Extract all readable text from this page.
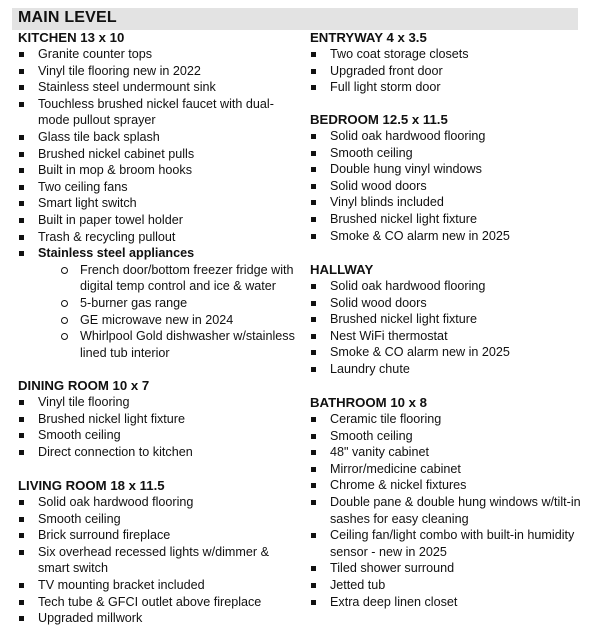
MAIN LEVEL
KITCHEN 13 x 10
Granite counter tops
Vinyl tile flooring new in 2022
Stainless steel undermount sink
Touchless brushed nickel faucet with dual-mode pullout sprayer
Glass tile back splash
Brushed nickel cabinet pulls
Built in mop & broom hooks
Two ceiling fans
Smart light switch
Built in paper towel holder
Trash & recycling pullout
Stainless steel appliances
French door/bottom freezer fridge with digital temp control and ice & water
5-burner gas range
GE microwave new in 2024
Whirlpool Gold dishwasher w/stainless lined tub interior
DINING ROOM 10 x 7
Vinyl tile flooring
Brushed nickel light fixture
Smooth ceiling
Direct connection to kitchen
LIVING ROOM 18 x 11.5
Solid oak hardwood flooring
Smooth ceiling
Brick surround fireplace
Six overhead recessed lights w/dimmer & smart switch
TV mounting bracket included
Tech tube & GFCI outlet above fireplace
Upgraded millwork
ENTRYWAY 4 x 3.5
Two coat storage closets
Upgraded front door
Full light storm door
BEDROOM 12.5 x 11.5
Solid oak hardwood flooring
Smooth ceiling
Double hung vinyl windows
Solid wood doors
Vinyl blinds included
Brushed nickel light fixture
Smoke & CO alarm new in 2025
HALLWAY
Solid oak hardwood flooring
Solid wood doors
Brushed nickel light fixture
Nest WiFi thermostat
Smoke & CO alarm new in 2025
Laundry chute
BATHROOM 10 x 8
Ceramic tile flooring
Smooth ceiling
48" vanity cabinet
Mirror/medicine cabinet
Chrome & nickel fixtures
Double pane & double hung windows w/tilt-in sashes for easy cleaning
Ceiling fan/light combo with built-in humidity sensor - new in 2025
Tiled shower surround
Jetted tub
Extra deep linen closet
